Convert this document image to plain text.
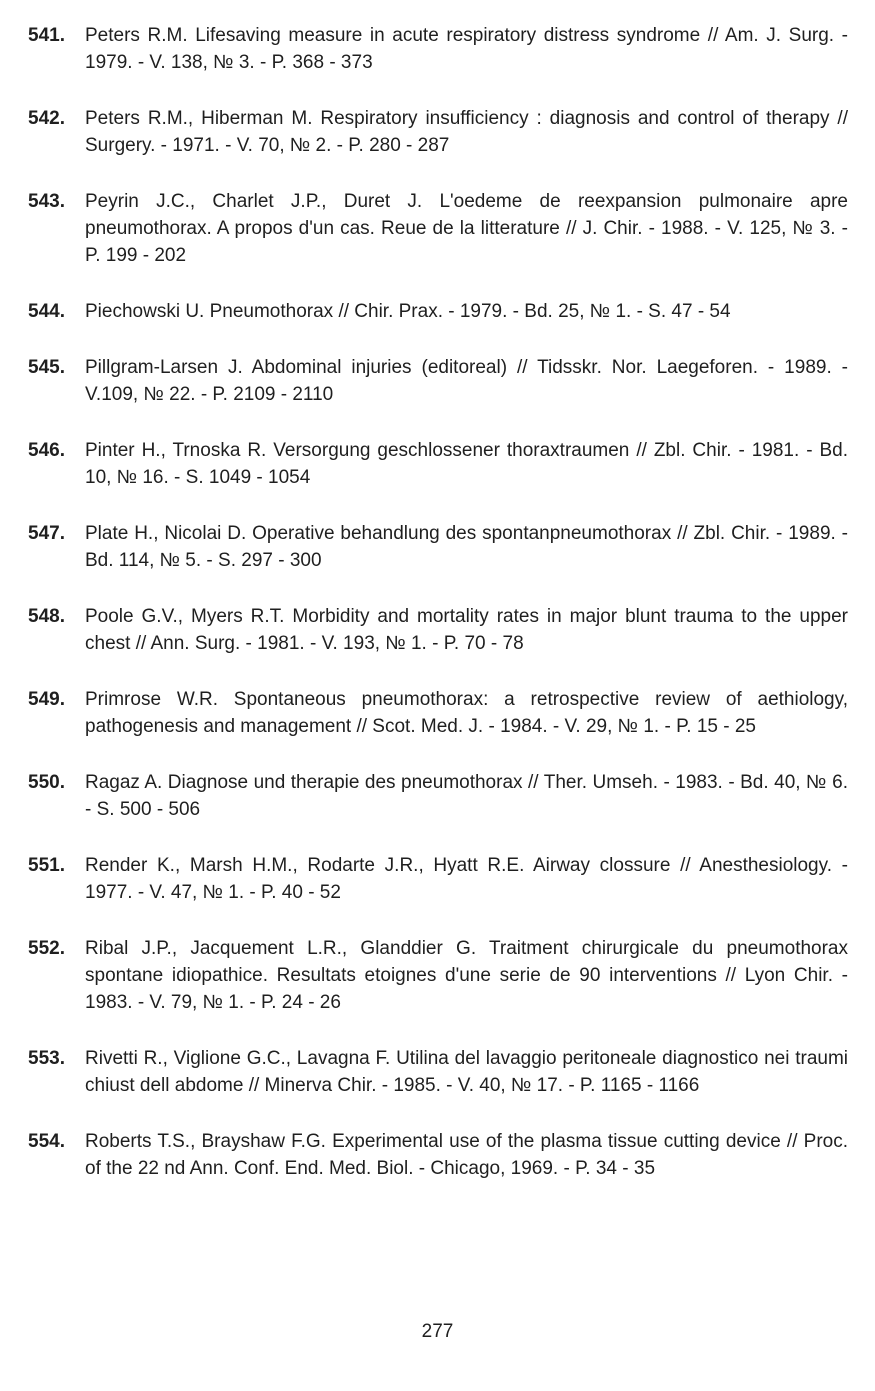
541.	Peters R.M. Lifesaving measure in acute respiratory distress syndrome // Am. J. Surg. - 1979. - V. 138, № 3. - P. 368 - 373
542.	Peters R.M., Hiberman M. Respiratory insufficiency : diagnosis and control of therapy // Surgery. - 1971. - V. 70, № 2. - P. 280 - 287
543.	Peyrin J.C., Charlet J.P., Duret J. L'oedeme de reexpansion pulmonaire apre pneumothorax. A propos d'un cas. Reue de la litterature // J. Chir. - 1988. - V. 125, № 3. - P. 199 - 202
544.	Piechowski U. Pneumothorax // Chir. Prax. - 1979. - Bd. 25, № 1. - S. 47 - 54
545.	Pillgram-Larsen J. Abdominal injuries (editoreal) // Tidsskr. Nor. Laegeforen. - 1989. - V.109, № 22. - P. 2109 - 2110
546.	Pinter H., Trnoska R. Versorgung geschlossener thoraxtraumen // Zbl. Chir. - 1981. - Bd. 10, № 16. - S. 1049 - 1054
547.	Plate H., Nicolai D. Operative behandlung des spontanpneumothorax // Zbl. Chir. - 1989. - Bd. 114, № 5. - S. 297 - 300
548.	Poole G.V., Myers R.T. Morbidity and mortality rates in major blunt trauma to the upper chest // Ann. Surg. - 1981. - V. 193, № 1. - P. 70 - 78
549.	Primrose W.R. Spontaneous pneumothorax: a retrospective review of aethiology, pathogenesis and management // Scot. Med. J. - 1984. - V. 29, № 1. - P. 15 - 25
550.	Ragaz A. Diagnose und therapie des pneumothorax // Ther. Umseh. - 1983. - Bd. 40, № 6. - S. 500 - 506
551.	Render K., Marsh H.M., Rodarte J.R., Hyatt R.E. Airway clossure // Anesthesiology. - 1977. - V. 47, № 1. - P. 40 - 52
552.	Ribal J.P., Jacquement L.R., Glanddier G. Traitment chirurgicale du pneumothorax spontane idiopathice. Resultats etoignes d'une serie de 90 interventions // Lyon Chir. - 1983. - V. 79, № 1. - P. 24 - 26
553.	Rivetti R., Viglione G.C., Lavagna F. Utilina del lavaggio peritoneale diagnostico nei traumi chiust dell abdome // Minerva Chir. - 1985. - V. 40, № 17. - P. 1165 - 1166
554.	Roberts T.S., Brayshaw F.G. Experimental use of the plasma tissue cutting device // Proc. of the 22 nd Ann. Conf. End. Med. Biol. - Chicago, 1969. - P. 34 - 35
277
